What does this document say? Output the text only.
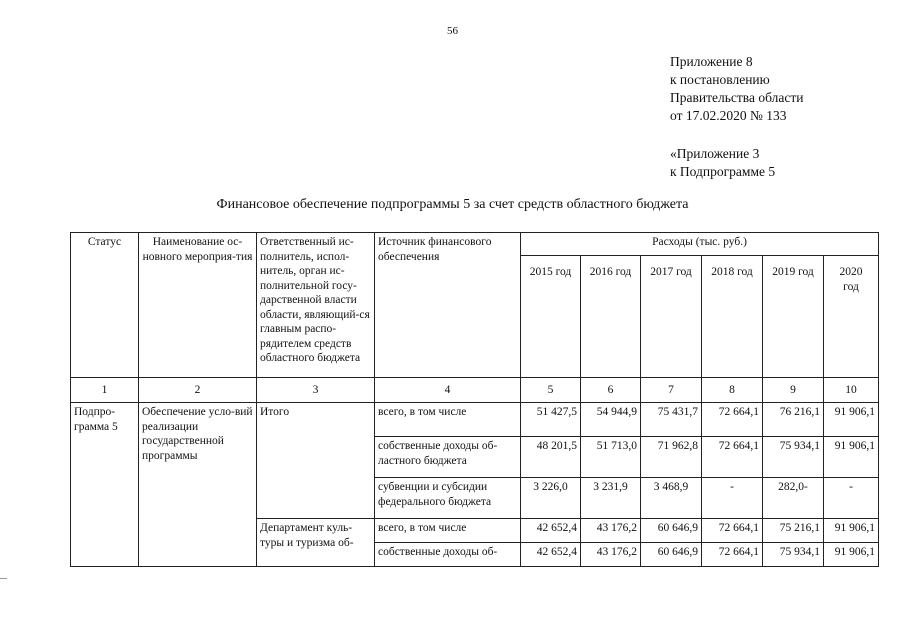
56
Приложение 8
к постановлению
Правительства области
от 17.02.2020 № 133
«Приложение 3
к Подпрограмме 5
Финансовое обеспечение подпрограммы 5 за счет средств областного бюджета
Статус	Наименование ос-новного мероприя-тия	Ответственный ис-полнитель, испол-нитель, орган ис-полнительной госу-дарственной власти области, являющий-ся главным распо-рядителем средств областного бюджета	Источник финансового обеспечения	Расходы (тыс. руб.)					
				2015 год	2016 год	2017 год	2018 год	2019 год	2020 год
1	2	3	4	5	6	7	8	9	10
Подпро-грамма 5	Обеспечение усло-вий реализации государственной программы	Итого	всего, в том числе	51 427,5	54 944,9	75 431,7	72 664,1	76 216,1	91 906,1
			собственные доходы об-ластного бюджета	48 201,5	51 713,0	71 962,8	72 664,1	75 934,1	91 906,1
			субвенции и субсидии федерального бюджета	3 226,0	3 231,9	3 468,9	-	282,0-	-
		Департамент куль-туры и туризма об-	всего, в том числе	42 652,4	43 176,2	60 646,9	72 664,1	75 216,1	91 906,1
			собственные доходы об-	42 652,4	43 176,2	60 646,9	72 664,1	75 934,1	91 906,1
